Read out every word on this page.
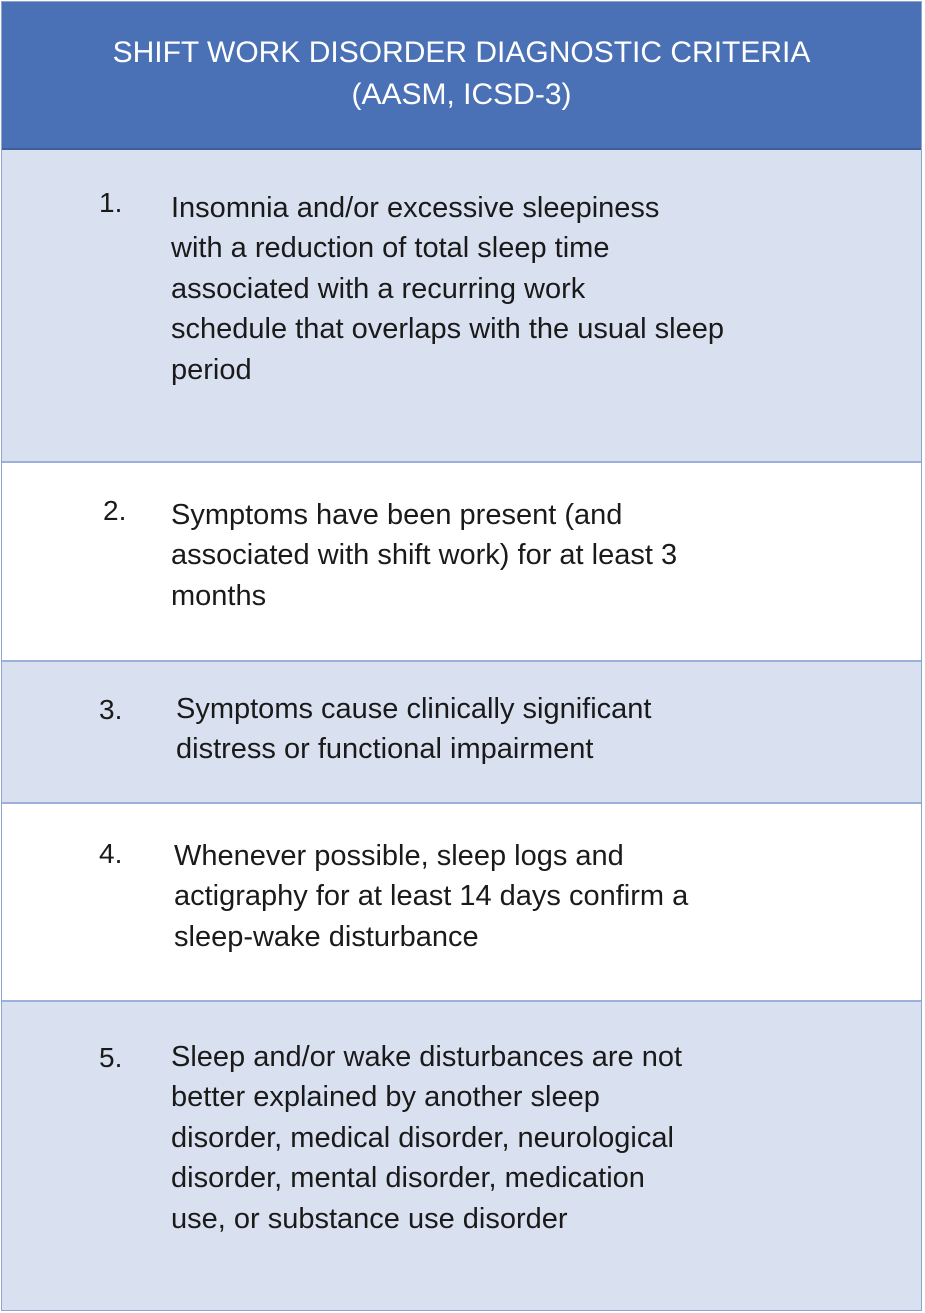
SHIFT WORK DISORDER DIAGNOSTIC CRITERIA
(AASM, ICSD-3)
1. Insomnia and/or excessive sleepiness
with a reduction of total sleep time
associated with a recurring work
schedule that overlaps with the usual sleep
period
2. Symptoms have been present (and
associated with shift work) for at least 3
months
3. Symptoms cause clinically significant
distress or functional impairment
4. Whenever possible, sleep logs and
actigraphy for at least 14 days confirm a
sleep-wake disturbance
5. Sleep and/or wake disturbances are not
better explained by another sleep
disorder, medical disorder, neurological
disorder, mental disorder, medication
use, or substance use disorder
